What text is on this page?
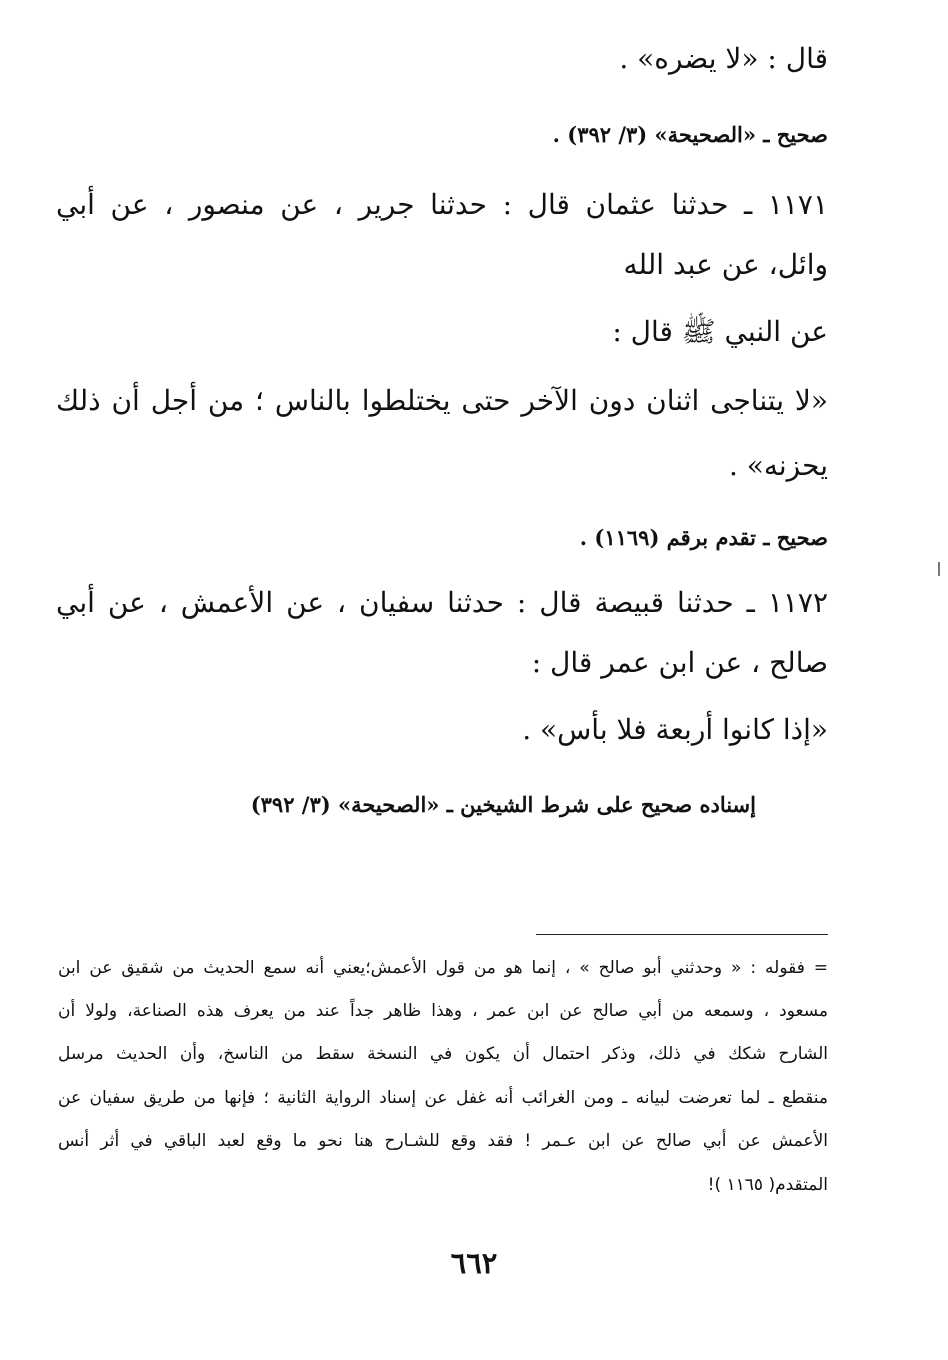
قال : «لا يضره» .
صحيح ـ «الصحيحة» (٣/ ٣٩٢) .
١١٧١ ـ حدثنا عثمان قال : حدثنا جرير ، عن منصور ، عن أبي
وائل، عن عبد الله
عن النبي ﷺ قال :
«لا يتناجى اثنان دون الآخر حتى يختلطوا بالناس ؛ من أجل أن ذلك
يحزنه» .
صحيح ـ تقدم برقم (١١٦٩) .
١١٧٢ ـ حدثنا قبيصة قال : حدثنا سفيان ، عن الأعمش ، عن أبي
صالح ، عن ابن عمر قال :
«إذا كانوا أربعة فلا بأس» .
إسناده صحيح على شرط الشيخين ـ «الصحيحة» (٣/ ٣٩٢)
= فقوله : « وحدثني أبو صالح » ، إنما هو من قول الأعمش؛يعني أنه سمع الحديث من شقيق عن ابن
مسعود ، وسمعه من أبي صالح عن ابن عمر ، وهذا ظاهر جداً عند من يعرف هذه الصناعة، ولولا أن
الشارح شكك في ذلك، وذكر احتمال أن يكون في النسخة سقط من الناسخ، وأن الحديث مرسل
منقطع ـ لما تعرضت لبيانه ـ ومن الغرائب أنه غفل عن إسناد الرواية الثانية ؛ فإنها من طريق سفيان عن
الأعمش عن أبي صالح عن ابن عـمر ! فقد وقع للشـارح هنا نحو ما وقع لعبد الباقي في أثر أنس
المتقدم( ١١٦٥ )!
٦٦٢
